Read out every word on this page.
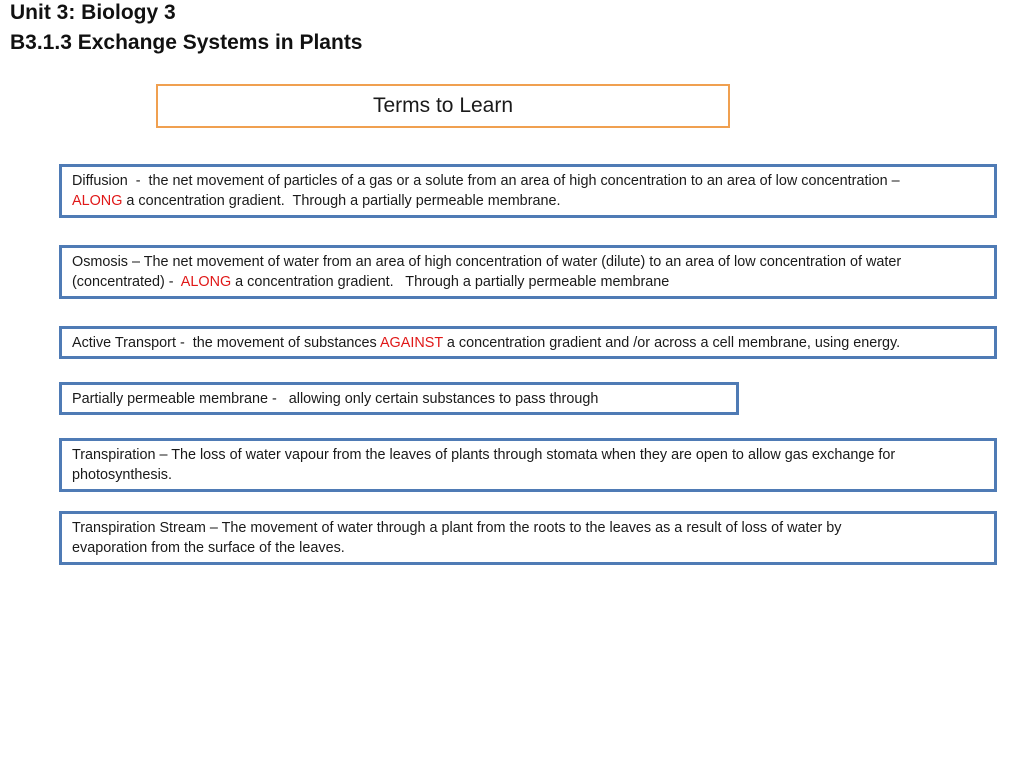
Unit 3: Biology 3
B3.1.3 Exchange Systems in Plants
Terms to Learn
Diffusion  -  the net movement of particles of a gas or a solute from an area of high concentration to an area of low concentration –
ALONG a concentration gradient.  Through a partially permeable membrane.
Osmosis – The net movement of water from an area of high concentration of water (dilute) to an area of low concentration of water
(concentrated) -  ALONG a concentration gradient.   Through a partially permeable membrane
Active Transport -  the movement of substances AGAINST a concentration gradient and /or across a cell membrane, using energy.
Partially permeable membrane -   allowing only certain substances to pass through
Transpiration – The loss of water vapour from the leaves of plants through stomata when they are open to allow gas exchange for
photosynthesis.
Transpiration Stream – The movement of water through a plant from the roots to the leaves as a result of loss of water by
evaporation from the surface of the leaves.
